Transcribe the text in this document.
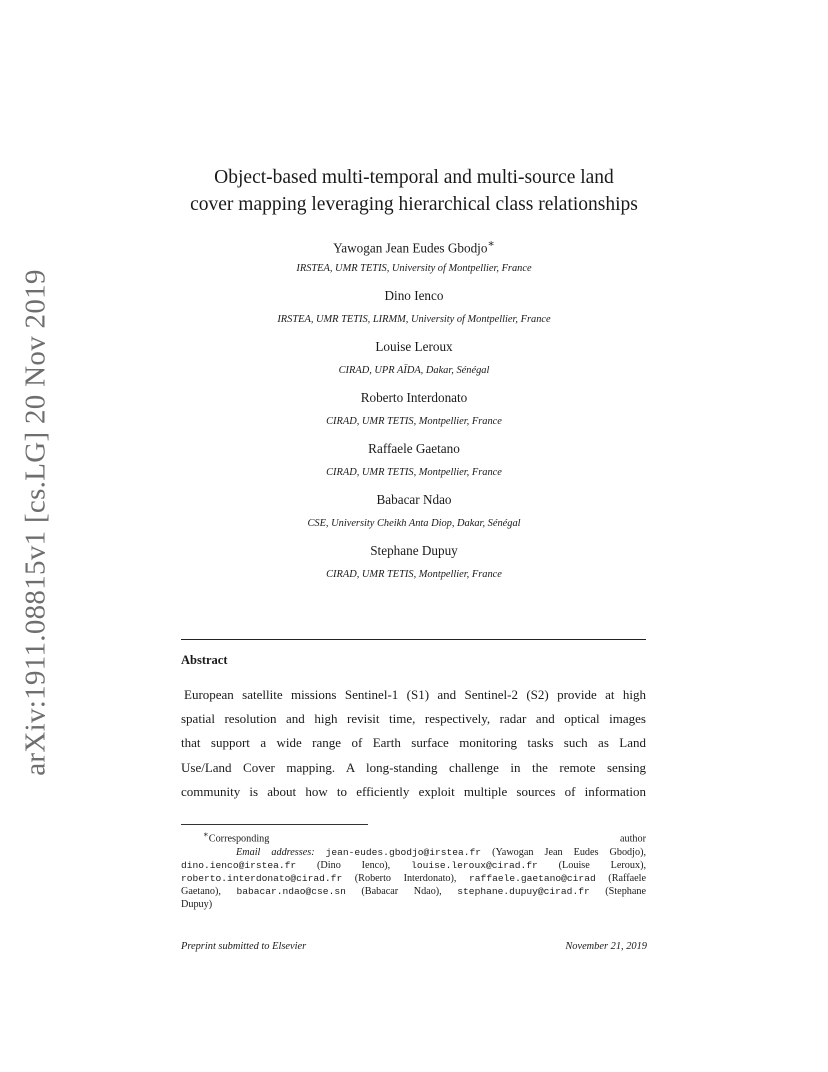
arXiv:1911.08815v1 [cs.LG] 20 Nov 2019
Object-based multi-temporal and multi-source land
cover mapping leveraging hierarchical class relationships
Yawogan Jean Eudes Gbodjo∗
IRSTEA, UMR TETIS, University of Montpellier, France
Dino Ienco
IRSTEA, UMR TETIS, LIRMM, University of Montpellier, France
Louise Leroux
CIRAD, UPR AÏDA, Dakar, Sénégal
Roberto Interdonato
CIRAD, UMR TETIS, Montpellier, France
Raffaele Gaetano
CIRAD, UMR TETIS, Montpellier, France
Babacar Ndao
CSE, University Cheikh Anta Diop, Dakar, Sénégal
Stephane Dupuy
CIRAD, UMR TETIS, Montpellier, France
Abstract
European satellite missions Sentinel-1 (S1) and Sentinel-2 (S2) provide at high
spatial resolution and high revisit time, respectively, radar and optical images
that support a wide range of Earth surface monitoring tasks such as Land
Use/Land Cover mapping. A long-standing challenge in the remote sensing
community is about how to efficiently exploit multiple sources of information
∗Corresponding author
Email addresses: jean-eudes.gbodjo@irstea.fr (Yawogan Jean Eudes Gbodjo),
dino.ienco@irstea.fr (Dino Ienco), louise.leroux@cirad.fr (Louise Leroux),
roberto.interdonato@cirad.fr (Roberto Interdonato), raffaele.gaetano@cirad (Raffaele
Gaetano), babacar.ndao@cse.sn (Babacar Ndao), stephane.dupuy@cirad.fr (Stephane
Dupuy)
Preprint submitted to Elsevier	November 21, 2019
